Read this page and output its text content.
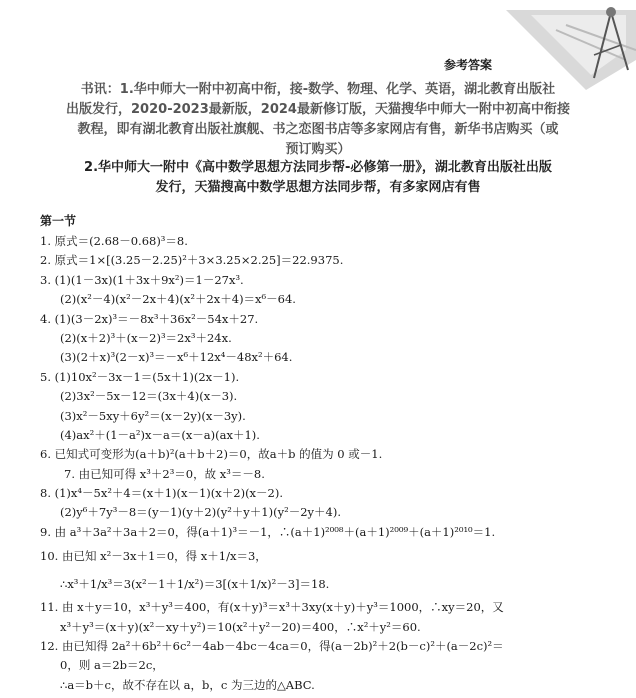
参考答案
书讯：1.华中师大一附中初高中衔，接-数学、物理、化学、英语，湖北教育出版社
出版发行，2020-2023最新版，2024最新修订版，天猫搜华中师大一附中初高中衔接
教程，即有湖北教育出版社旗舰、书之恋图书店等多家网店有售，新华书店购买（或
预订购买）
2.华中师大一附中《高中数学思想方法同步帮-必修第一册》，湖北教育出版社出版
发行，天猫搜高中数学思想方法同步帮，有多家网店有售
第一节
1. 原式＝(2.68－0.68)³＝8.
2. 原式＝1×[(3.25－2.25)²＋3×3.25×2.25]＝22.9375.
3. (1)(1－3x)(1＋3x＋9x²)＝1－27x³.
(2)(x²－4)(x²－2x＋4)(x²＋2x＋4)＝x⁶－64.
4. (1)(3－2x)³＝－8x³＋36x²－54x＋27.
(2)(x＋2)³＋(x－2)³＝2x³＋24x.
(3)(2＋x)³(2－x)³＝－x⁶＋12x⁴－48x²＋64.
5. (1)10x²－3x－1＝(5x＋1)(2x－1).
(2)3x²－5x－12＝(3x＋4)(x－3).
(3)x²－5xy＋6y²＝(x－2y)(x－3y).
(4)ax²＋(1－a²)x－a＝(x－a)(ax＋1).
6. 已知式可变形为(a＋b)²(a＋b＋2)＝0，故a＋b 的值为 0 或－1.
7. 由已知可得 x³＋2³＝0，故 x³＝－8.
8. (1)x⁴－5x²＋4＝(x＋1)(x－1)(x＋2)(x－2).
(2)y⁶＋7y³－8＝(y－1)(y＋2)(y²＋y＋1)(y²－2y＋4).
9. 由 a³＋3a²＋3a＋2＝0，得(a＋1)³＝－1，∴(a＋1)²⁰⁰⁸＋(a＋1)²⁰⁰⁹＋(a＋1)²⁰¹⁰＝1.
10. 由已知 x²－3x＋1＝0，得 x＋1/x＝3，
∴x³＋1/x³＝3(x²－1＋1/x²)＝3[(x＋1/x)²－3]＝18.
11. 由 x＋y＝10，x³＋y³＝400，有(x＋y)³＝x³＋3xy(x＋y)＋y³＝1000，∴xy＝20，又
x³＋y³＝(x＋y)(x²－xy＋y²)＝10(x²＋y²－20)＝400，∴x²＋y²＝60.
12. 由已知得 2a²＋6b²＋6c²－4ab－4bc－4ca＝0，得(a－2b)²＋2(b－c)²＋(a－2c)²＝
0，则 a＝2b＝2c，
∴a＝b＋c，故不存在以 a，b，c 为三边的△ABC.
